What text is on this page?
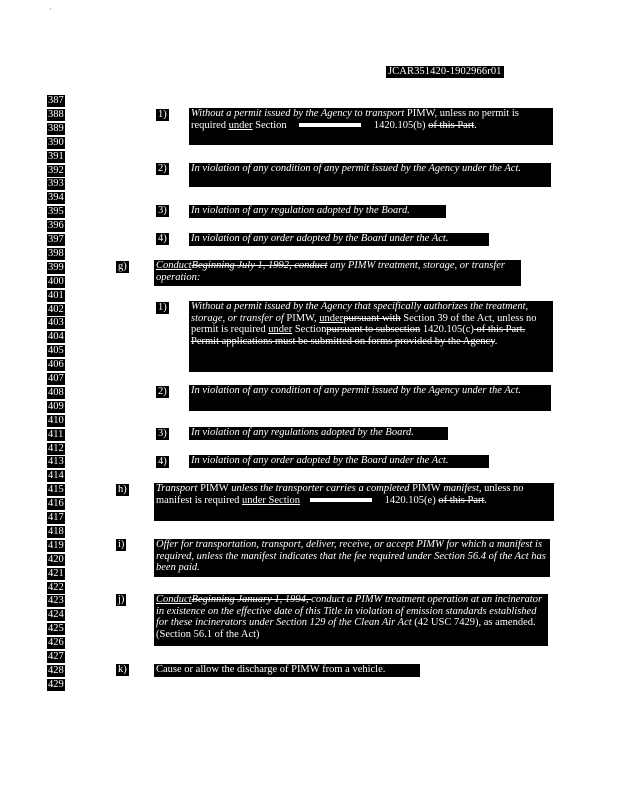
JCAR351420-1902966r01
387
388
389
390
391
392
393
394
395
396
397
398
399
400
401
402
403
404
405
406
407
408
409
410
411
412
413
414
415
416
417
418
419
420
421
422
423
424
425
426
427
428
429
1) Without a permit issued by the Agency to transport PIMW, unless no permit is required under Section	1420.105(b) of this Part.
2) In violation of any condition of any permit issued by the Agency under the Act.
3) In violation of any regulation adopted by the Board.
4) In violation of any order adopted by the Board under the Act.
g)	ConductBeginning July 1, 1992, conduct any PIMW treatment, storage, or transfer operation:
1) Without a permit issued by the Agency that specifically authorizes the treatment, storage, or transfer of PIMW, underpursuant with Section 39 of the Act, unless no permit is required under Sectionpursuant to subsection 1420.105(c) of this Part. Permit applications must be submitted on forms provided by the Agency.
2) In violation of any condition of any permit issued by the Agency under the Act.
3) In violation of any regulations adopted by the Board.
4) In violation of any order adopted by the Board under the Act.
h)	Transport PIMW unless the transporter carries a completed PIMW manifest, unless no manifest is required under Section	1420.105(e) of this Part.
i)	Offer for transportation, transport, deliver, receive, or accept PIMW for which a manifest is required, unless the manifest indicates that the fee required under Section 56.4 of the Act has been paid.
j)	ConductBeginning January 1, 1994, conduct a PIMW treatment operation at an incinerator in existence on the effective date of this Title in violation of emission standards established for these incinerators under Section 129 of the Clean Air Act (42 USC 7429), as amended. (Section 56.1 of the Act)
k)	Cause or allow the discharge of PIMW from a vehicle.
